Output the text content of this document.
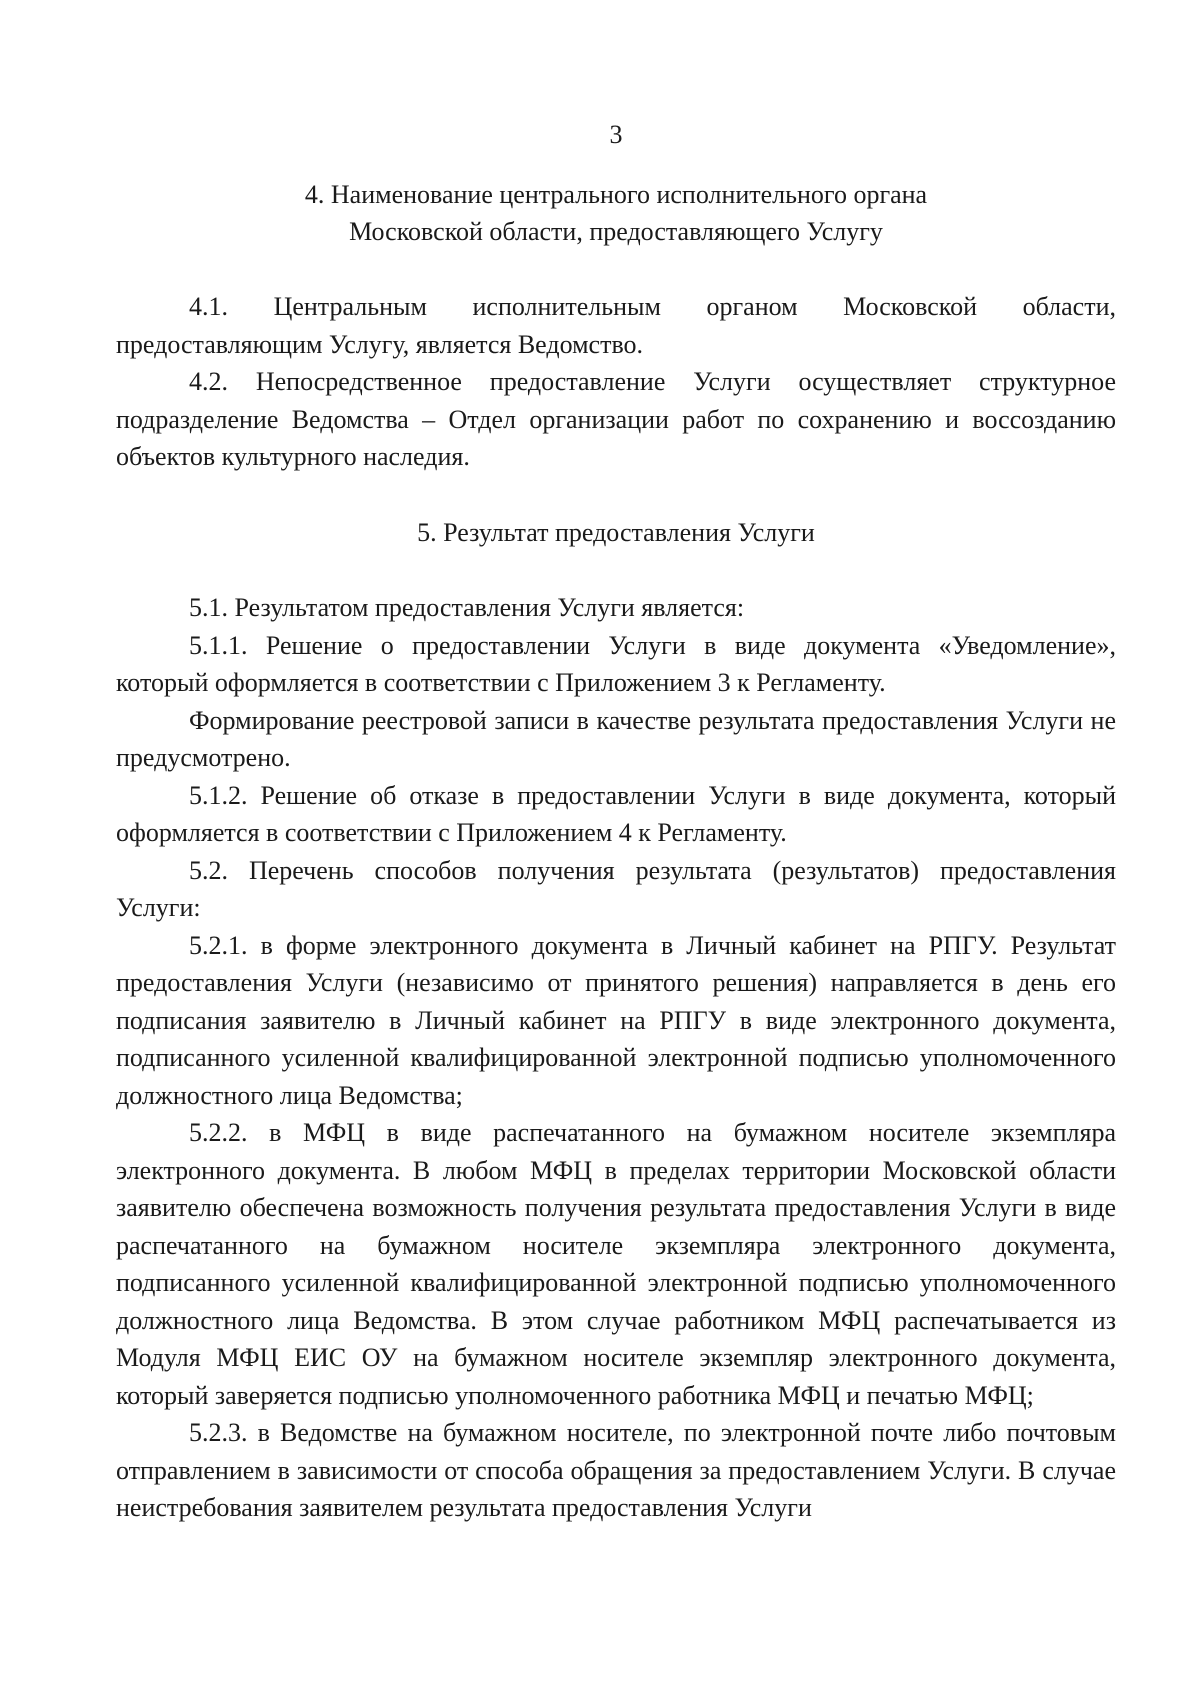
3
4. Наименование центрального исполнительного органа
Московской области, предоставляющего Услугу

4.1. Центральным исполнительным органом Московской области, предоставляющим Услугу, является Ведомство.

4.2. Непосредственное предоставление Услуги осуществляет структурное подразделение Ведомства – Отдел организации работ по сохранению и воссозданию объектов культурного наследия.

5. Результат предоставления Услуги

5.1. Результатом предоставления Услуги является:

5.1.1. Решение о предоставлении Услуги в виде документа «Уведомление», который оформляется в соответствии с Приложением 3 к Регламенту.

Формирование реестровой записи в качестве результата предоставления Услуги не предусмотрено.

5.1.2. Решение об отказе в предоставлении Услуги в виде документа, который оформляется в соответствии с Приложением 4 к Регламенту.

5.2. Перечень способов получения результата (результатов) предоставления Услуги:

5.2.1. в форме электронного документа в Личный кабинет на РПГУ. Результат предоставления Услуги (независимо от принятого решения) направляется в день его подписания заявителю в Личный кабинет на РПГУ в виде электронного документа, подписанного усиленной квалифицированной электронной подписью уполномоченного должностного лица Ведомства;

5.2.2. в МФЦ в виде распечатанного на бумажном носителе экземпляра электронного документа. В любом МФЦ в пределах территории Московской области заявителю обеспечена возможность получения результата предоставления Услуги в виде распечатанного на бумажном носителе экземпляра электронного документа, подписанного усиленной квалифицированной электронной подписью уполномоченного должностного лица Ведомства. В этом случае работником МФЦ распечатывается из Модуля МФЦ ЕИС ОУ на бумажном носителе экземпляр электронного документа, который заверяется подписью уполномоченного работника МФЦ и печатью МФЦ;

5.2.3. в Ведомстве на бумажном носителе, по электронной почте либо почтовым отправлением в зависимости от способа обращения за предоставлением Услуги. В случае неистребования заявителем результата предоставления Услуги
